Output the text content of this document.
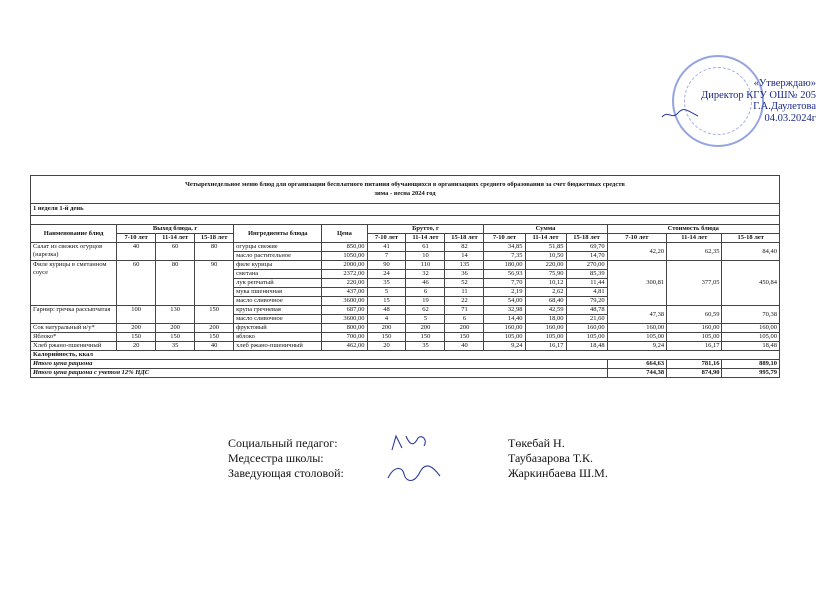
«Утверждаю»
Директор КГУ ОШ№ 205
Г.А.Даулетова
04.03.2024г
Четырехнедельное меню блюд для организации бесплатного питания обучающихся в организациях среднего образования за счет бюджетных средств
зима - весна 2024 год
1 неделя 1-й день
Наименование блюд	Выход блюда, г			Ингредиенты блюда	Цена	Брутто, г			Сумма			Стоимость блюда		
	7-10 лет	11-14 лет	15-18 лет			7-10 лет	11-14 лет	15-18 лет	7-10 лет	11-14 лет	15-18 лет	7-10 лет	11-14 лет	15-18 лет
Салат из свежих огурцов (нарезка)	40	60	80	огурцы свежие	850,00	41	61	82	34,85	51,85	69,70	42,20	62,35	84,40
				масло растительное	1050,00	7	10	14	7,35	10,50	14,70			
Филе курицы в сметанном соусе	60	80	90	филе курицы	2000,00	90	110	135	180,00	220,00	270,00	300,81	377,05	450,84
				сметана	2372,00	24	32	36	56,93	75,90	85,39			
				лук репчатый	220,00	35	46	52	7,70	10,12	11,44			
				мука пшеничная	437,00	5	6	11	2,19	2,62	4,81			
				масло сливочное	3600,00	15	19	22	54,00	68,40	79,20			
Гарнир: гречка рассыпчатая	100	130	150	крупа гречневая	687,00	48	62	71	32,98	42,59	48,78	47,38	60,59	70,38
				масло сливочное	3600,00	4	5	6	14,40	18,00	21,60			
Сок натуральный и/у*	200	200	200	фруктовый	800,00	200	200	200	160,00	160,00	160,00	160,00	160,00	160,00
Яблоко*	150	150	150	яблоко	700,00	150	150	150	105,00	105,00	105,00	105,00	105,00	105,00
Хлеб ржано-пшеничный	20	35	40	хлеб ржано-пшеничный	462,00	20	35	40	9,24	16,17	18,48	9,24	16,17	18,48
Калорийность, ккал														
Итого цена рациона												664,63	781,16	889,10
Итого цена рациона с учетом 12% НДС												744,38	874,90	995,79
Социальный педагог:	Төкебай Н.
Медсестра школы:	Таубазарова Т.К.
Заведующая столовой:	Жаркинбаева Ш.М.
